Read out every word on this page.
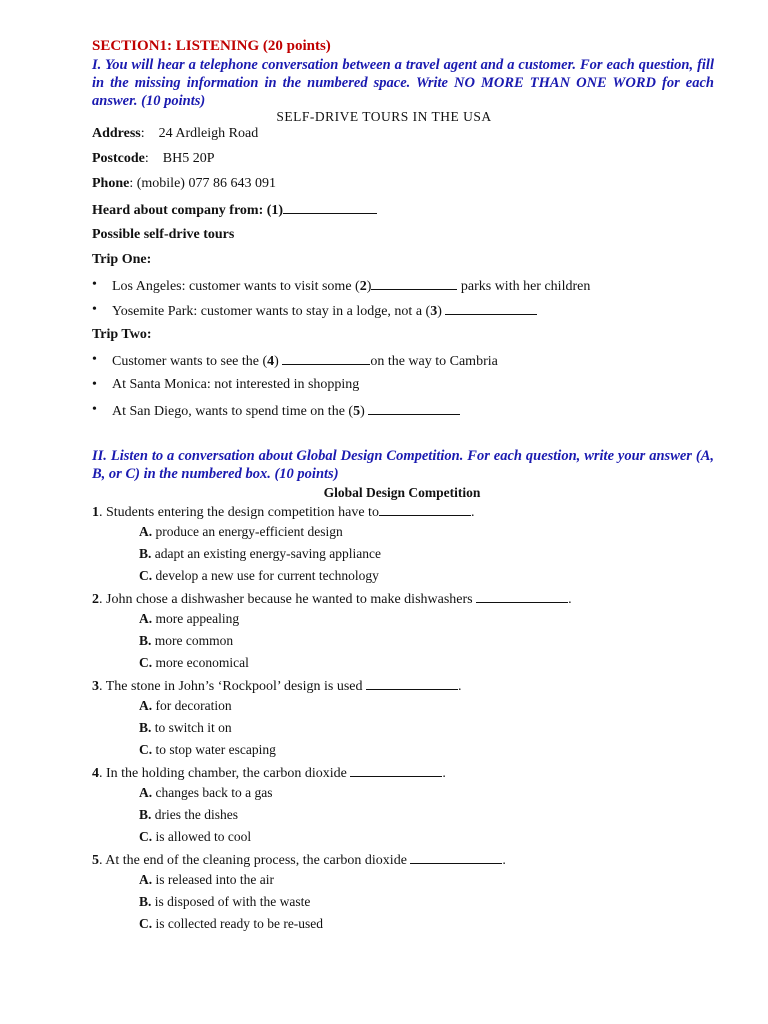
SECTION1: LISTENING (20 points)
I. You will hear a telephone conversation between a travel agent and a customer. For each question, fill in the missing information in the numbered space. Write NO MORE THAN ONE WORD for each answer. (10 points)
SELF-DRIVE TOURS IN THE USA
Address:    24 Ardleigh Road
Postcode:    BH5 20P
Phone: (mobile) 077 86 643 091
Heard about company from: (1)
Possible self-drive tours
Trip One:
• Los Angeles: customer wants to visit some (2)	parks with her children
• Yosemite Park: customer wants to stay in a lodge, not a (3)
Trip Two:
• Customer wants to see the (4)	on the way to Cambria
• At Santa Monica: not interested in shopping
• At San Diego, wants to spend time on the (5)
II. Listen to a conversation about Global Design Competition. For each question, write your answer (A, B, or C) in the numbered box. (10 points)
Global Design Competition
1. Students entering the design competition have to	.
A. produce an energy-efficient design
B. adapt an existing energy-saving appliance
C. develop a new use for current technology
2. John chose a dishwasher because he wanted to make dishwashers	.
A. more appealing
B. more common
C. more economical
3. The stone in John’s ‘Rockpool’ design is used	.
A. for decoration
B. to switch it on
C. to stop water escaping
4. In the holding chamber, the carbon dioxide	.
A. changes back to a gas
B. dries the dishes
C. is allowed to cool
5. At the end of the cleaning process, the carbon dioxide	.
A. is released into the air
B. is disposed of with the waste
C. is collected ready to be re-used
